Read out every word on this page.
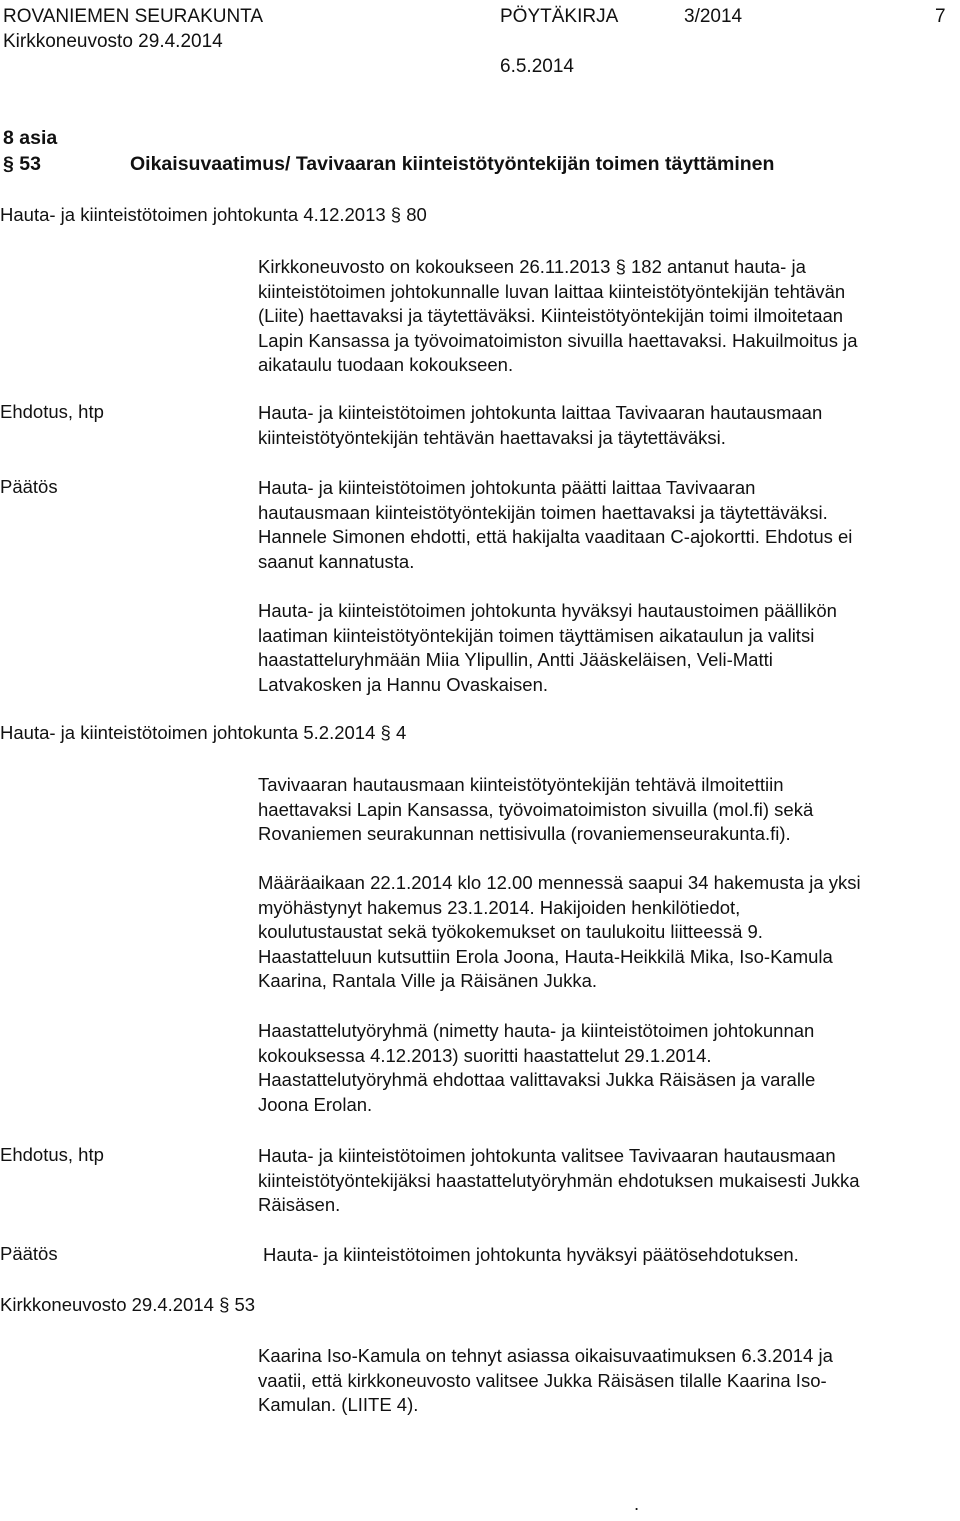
ROVANIEMEN SEURAKUNTA	PÖYTÄKIRJA	3/2014	7
Kirkkoneuvosto 29.4.2014
6.5.2014
8 asia
§ 53	Oikaisuvaatimus/ Tavivaaran kiinteistötyöntekijän toimen täyttäminen
Hauta- ja kiinteistötoimen johtokunta 4.12.2013 § 80
Kirkkoneuvosto on kokoukseen 26.11.2013 § 182 antanut hauta- ja
kiinteistötoimen johtokunnalle luvan laittaa kiinteistötyöntekijän tehtävän
(Liite) haettavaksi ja täytettäväksi. Kiinteistötyöntekijän toimi ilmoitetaan
Lapin Kansassa ja työvoimatoimiston sivuilla haettavaksi. Hakuilmoitus ja
aikataulu tuodaan kokoukseen.
Ehdotus, htp	Hauta- ja kiinteistötoimen johtokunta laittaa Tavivaaran hautausmaan
kiinteistötyöntekijän tehtävän haettavaksi ja täytettäväksi.
Päätös	Hauta- ja kiinteistötoimen johtokunta päätti laittaa Tavivaaran
hautausmaan kiinteistötyöntekijän toimen haettavaksi ja täytettäväksi.
Hannele Simonen ehdotti, että hakijalta vaaditaan C-ajokortti. Ehdotus ei
saanut kannatusta.
Hauta- ja kiinteistötoimen johtokunta hyväksyi hautaustoimen päällikön
laatiman kiinteistötyöntekijän toimen täyttämisen aikataulun ja valitsi
haastatteluryhmään Miia Ylipullin, Antti Jääskeläisen, Veli-Matti
Latvakosken ja Hannu Ovaskaisen.
Hauta- ja kiinteistötoimen johtokunta 5.2.2014 § 4
Tavivaaran hautausmaan kiinteistötyöntekijän tehtävä ilmoitettiin
haettavaksi Lapin Kansassa, työvoimatoimiston sivuilla (mol.fi) sekä
Rovaniemen seurakunnan nettisivulla (rovaniemenseurakunta.fi).
Määräaikaan 22.1.2014 klo 12.00 mennessä saapui 34 hakemusta ja yksi
myöhästynyt hakemus 23.1.2014. Hakijoiden henkilötiedot,
koulutustaustat sekä työkokemukset on taulukoitu liitteessä 9.
Haastatteluun kutsuttiin Erola Joona, Hauta-Heikkilä Mika, Iso-Kamula
Kaarina, Rantala Ville ja Räisänen Jukka.
Haastattelutyöryhmä (nimetty hauta- ja kiinteistötoimen johtokunnan
kokouksessa 4.12.2013) suoritti haastattelut 29.1.2014.
Haastattelutyöryhmä ehdottaa valittavaksi Jukka Räisäsen ja varalle
Joona Erolan.
Ehdotus, htp	Hauta- ja kiinteistötoimen johtokunta valitsee Tavivaaran hautausmaan
kiinteistötyöntekijäksi haastattelutyöryhmän ehdotuksen mukaisesti Jukka
Räisäsen.
Päätös	Hauta- ja kiinteistötoimen johtokunta hyväksyi päätösehdotuksen.
Kirkkoneuvosto 29.4.2014 § 53
Kaarina Iso-Kamula on tehnyt asiassa oikaisuvaatimuksen 6.3.2014 ja
vaatii, että kirkkoneuvosto valitsee Jukka Räisäsen tilalle Kaarina Iso-
Kamulan. (LIITE 4).
.
